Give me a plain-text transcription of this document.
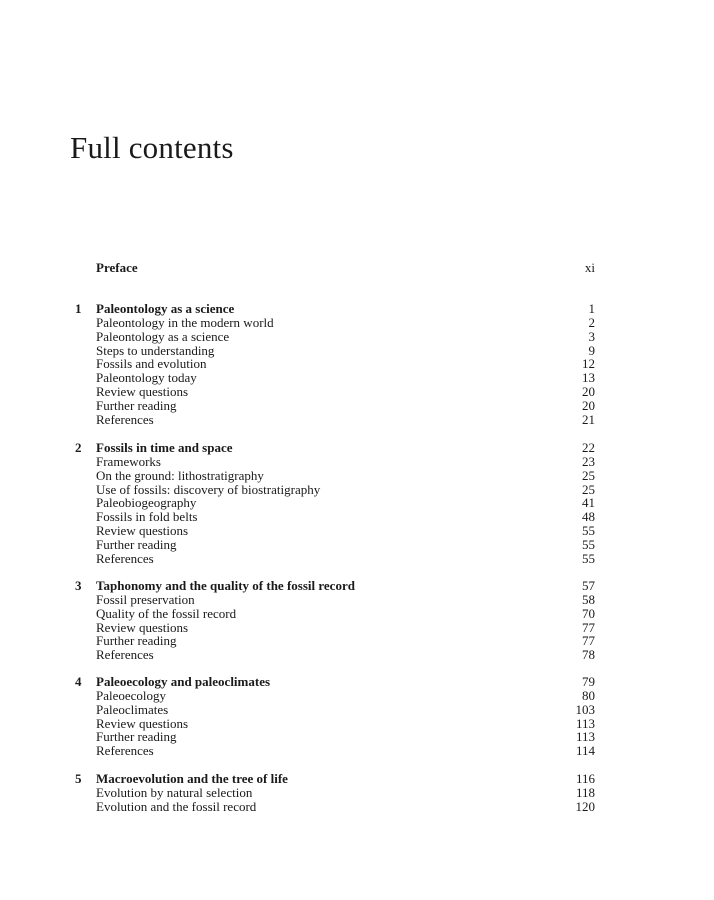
Full contents
Preface	xi
1 Paleontology as a science	1
Paleontology in the modern world	2
Paleontology as a science	3
Steps to understanding	9
Fossils and evolution	12
Paleontology today	13
Review questions	20
Further reading	20
References	21
2 Fossils in time and space	22
Frameworks	23
On the ground: lithostratigraphy	25
Use of fossils: discovery of biostratigraphy	25
Paleobiogeography	41
Fossils in fold belts	48
Review questions	55
Further reading	55
References	55
3 Taphonomy and the quality of the fossil record	57
Fossil preservation	58
Quality of the fossil record	70
Review questions	77
Further reading	77
References	78
4 Paleoecology and paleoclimates	79
Paleoecology	80
Paleoclimates	103
Review questions	113
Further reading	113
References	114
5 Macroevolution and the tree of life	116
Evolution by natural selection	118
Evolution and the fossil record	120
